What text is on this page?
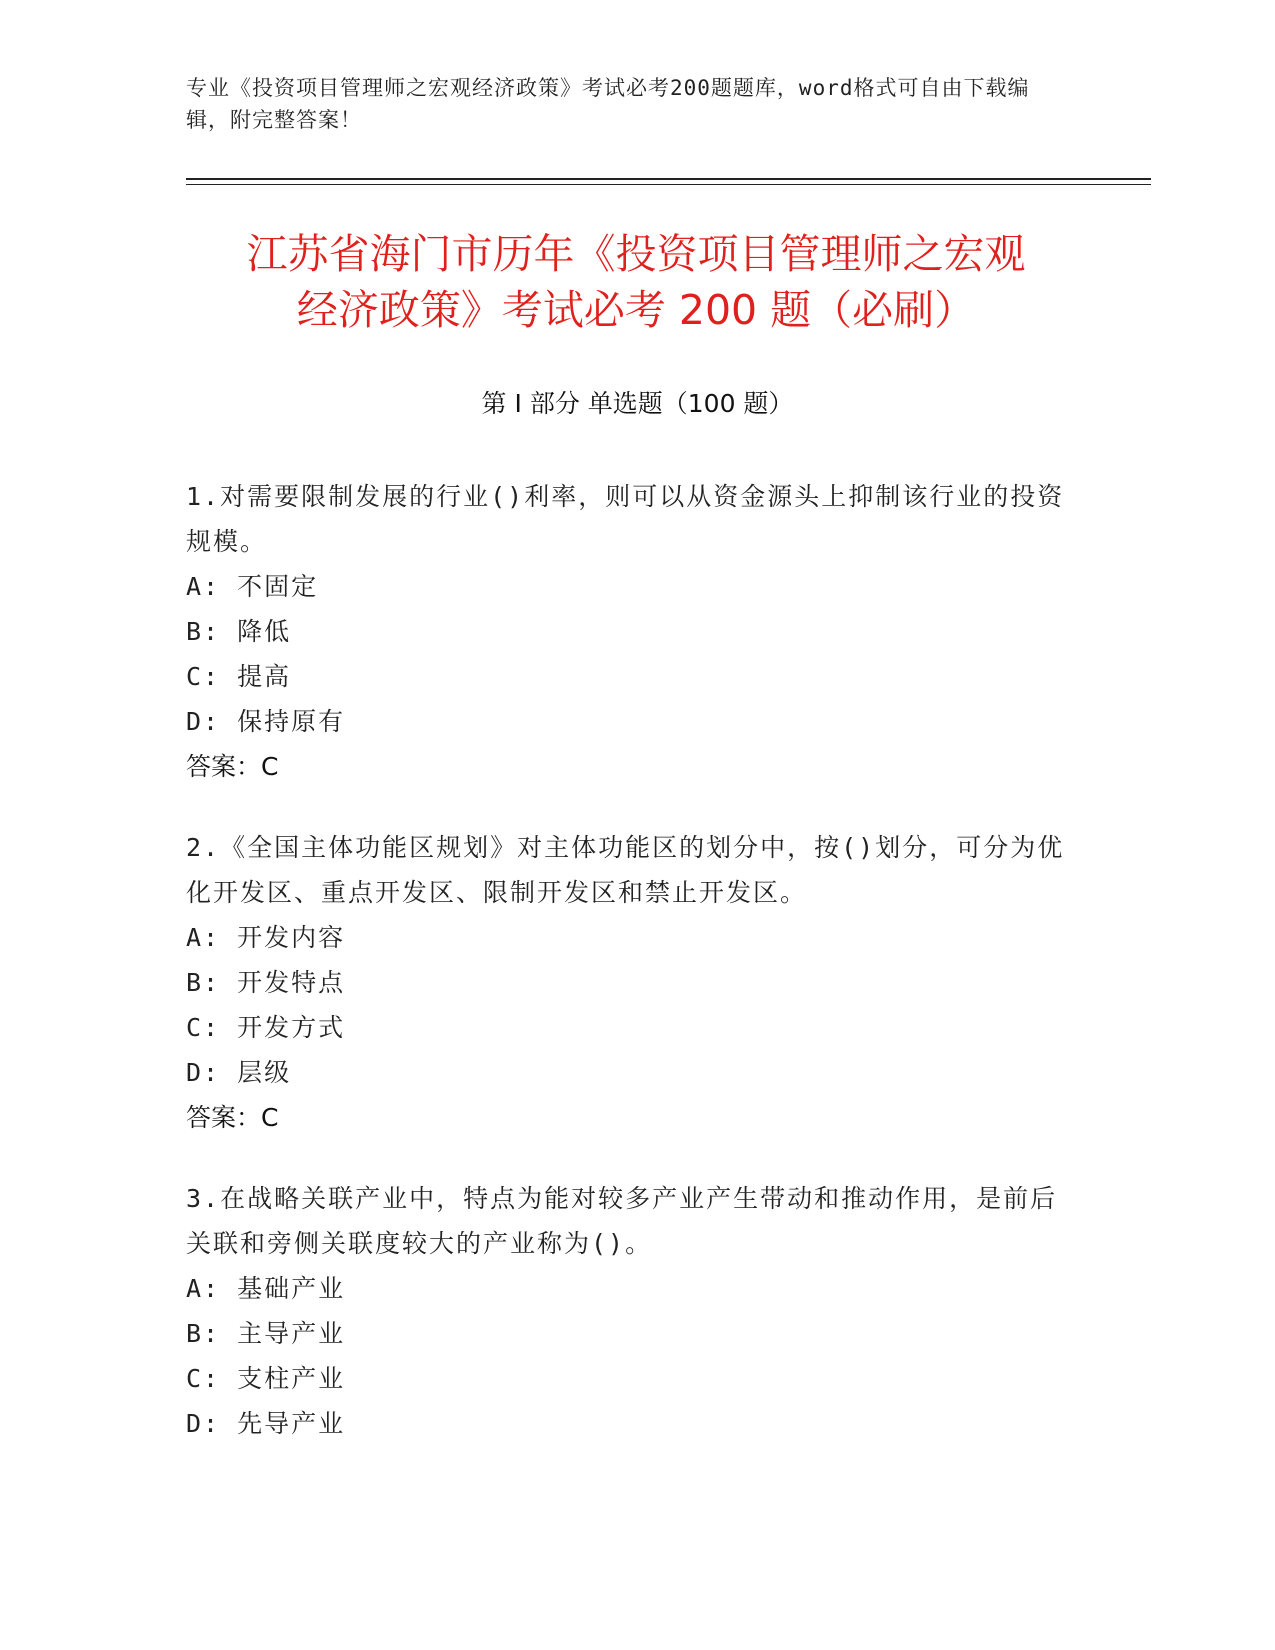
专业《投资项目管理师之宏观经济政策》考试必考200题题库，word格式可自由下载编辑，附完整答案！
江苏省海门市历年《投资项目管理师之宏观
经济政策》考试必考 200 题（必刷）
第 I 部分 单选题（100 题）
1.对需要限制发展的行业()利率，则可以从资金源头上抑制该行业的投资规模。
A: 不固定
B: 降低
C: 提高
D: 保持原有
答案：C
2.《全国主体功能区规划》对主体功能区的划分中，按()划分，可分为优化开发区、重点开发区、限制开发区和禁止开发区。
A: 开发内容
B: 开发特点
C: 开发方式
D: 层级
答案：C
3.在战略关联产业中，特点为能对较多产业产生带动和推动作用，是前后关联和旁侧关联度较大的产业称为()。
A: 基础产业
B: 主导产业
C: 支柱产业
D: 先导产业
